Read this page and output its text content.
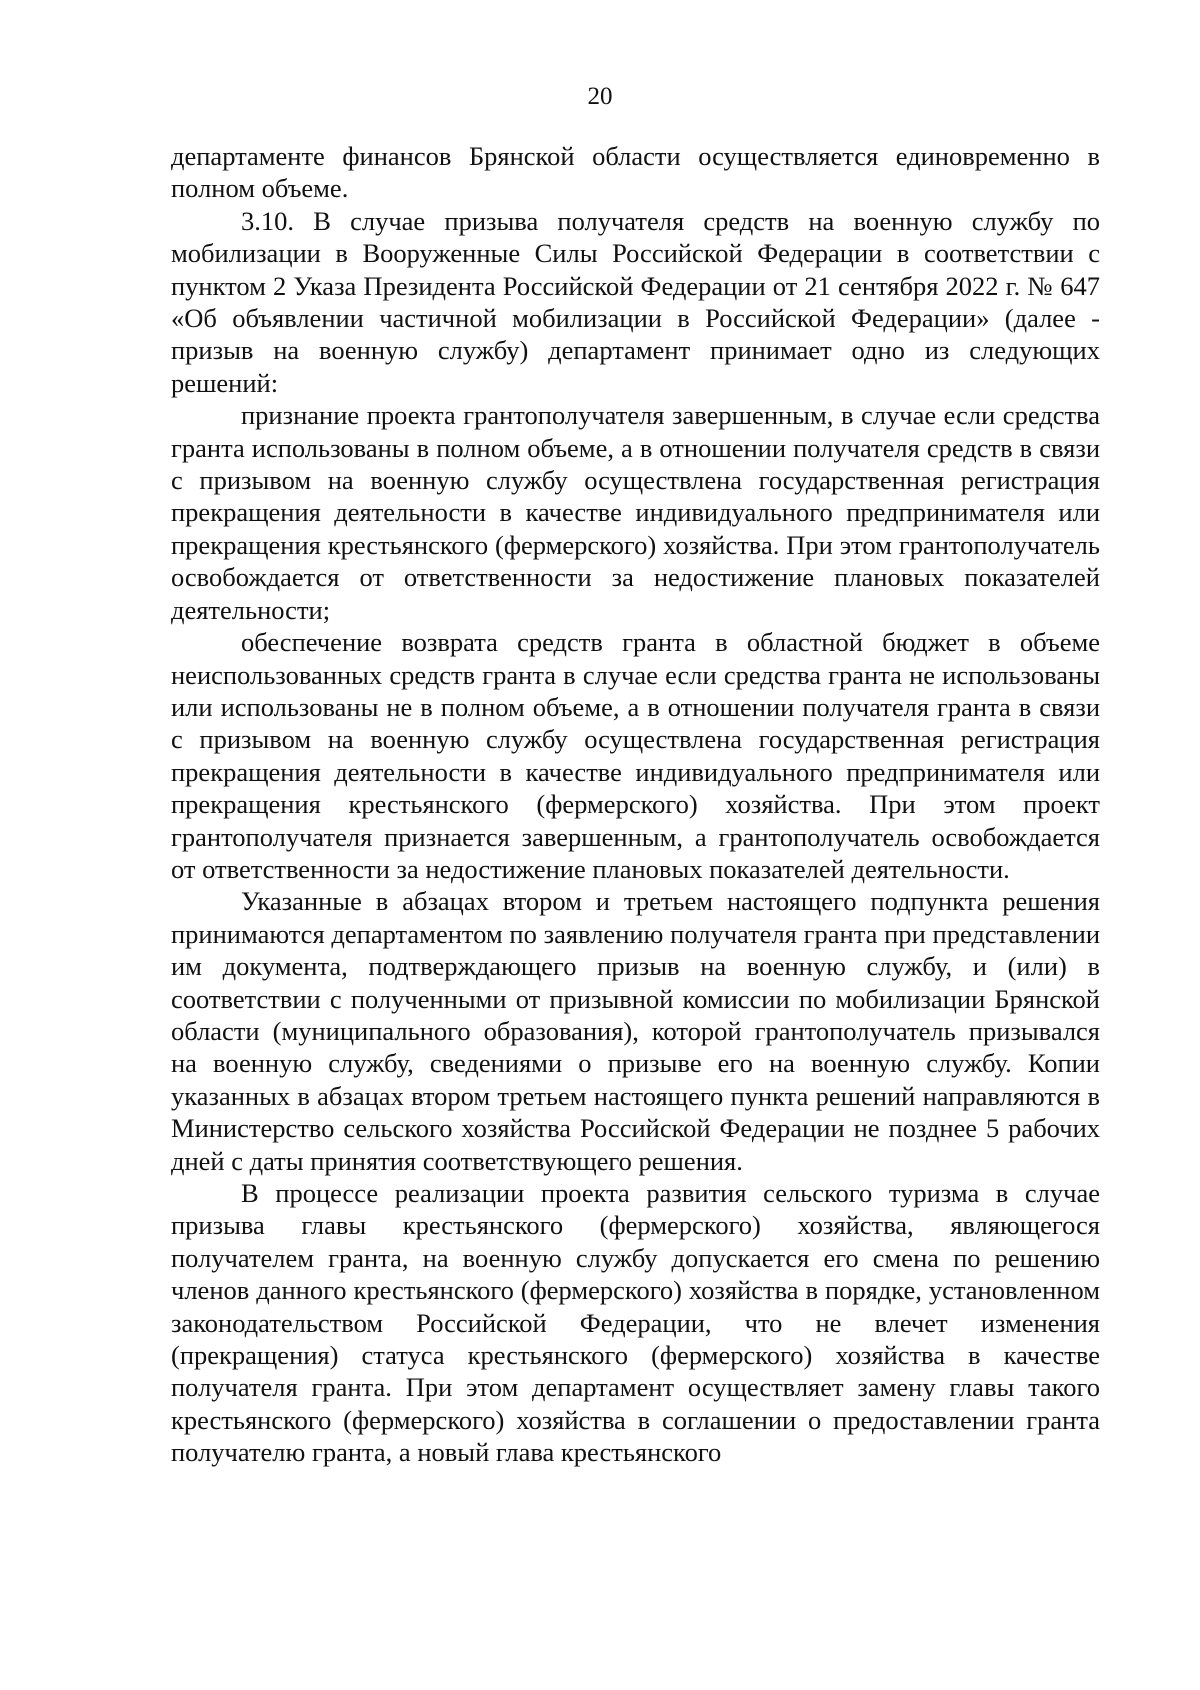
20

департаменте финансов Брянской области осуществляется единовременно в полном объеме.

3.10. В случае призыва получателя средств на военную службу по мобилизации в Вооруженные Силы Российской Федерации в соответствии с пунктом 2 Указа Президента Российской Федерации от 21 сентября 2022 г. № 647 «Об объявлении частичной мобилизации в Российской Федерации» (далее - призыв на военную службу) департамент принимает одно из следующих решений:

признание проекта грантополучателя завершенным, в случае если средства гранта использованы в полном объеме, а в отношении получателя средств в связи с призывом на военную службу осуществлена государственная регистрация прекращения деятельности в качестве индивидуального предпринимателя или прекращения крестьянского (фермерского) хозяйства. При этом грантополучатель освобождается от ответственности за недостижение плановых показателей деятельности;

обеспечение возврата средств гранта в областной бюджет в объеме неиспользованных средств гранта в случае если средства гранта не использованы или использованы не в полном объеме, а в отношении получателя гранта в связи с призывом на военную службу осуществлена государственная регистрация прекращения деятельности в качестве индивидуального предпринимателя или прекращения крестьянского (фермерского) хозяйства. При этом проект грантополучателя признается завершенным, а грантополучатель освобождается от ответственности за недостижение плановых показателей деятельности.

Указанные в абзацах втором и третьем настоящего подпункта решения принимаются департаментом по заявлению получателя гранта при представлении им документа, подтверждающего призыв на военную службу, и (или) в соответствии с полученными от призывной комиссии по мобилизации Брянской области (муниципального образования), которой грантополучатель призывался на военную службу, сведениями о призыве его на военную службу. Копии указанных в абзацах втором третьем настоящего пункта решений направляются в Министерство сельского хозяйства Российской Федерации не позднее 5 рабочих дней с даты принятия соответствующего решения.

В процессе реализации проекта развития сельского туризма в случае призыва главы крестьянского (фермерского) хозяйства, являющегося получателем гранта, на военную службу допускается его смена по решению членов данного крестьянского (фермерского) хозяйства в порядке, установленном законодательством Российской Федерации, что не влечет изменения (прекращения) статуса крестьянского (фермерского) хозяйства в качестве получателя гранта. При этом департамент осуществляет замену главы такого крестьянского (фермерского) хозяйства в соглашении о предоставлении гранта получателю гранта, а новый глава крестьянского
